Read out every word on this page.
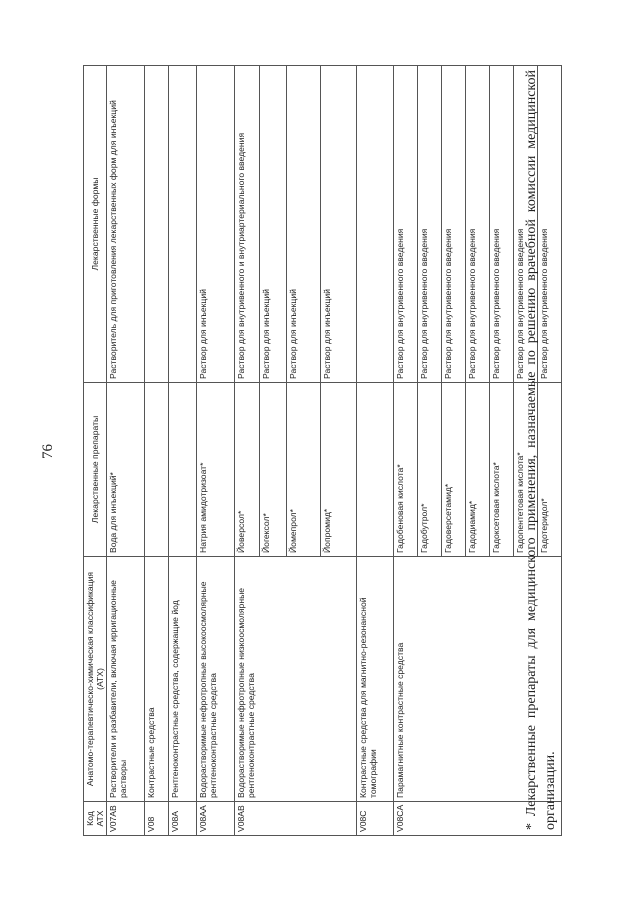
76
Код АТХ	Анатомо-терапевтическо-химическая классификация (АТХ)	Лекарственные препараты	Лекарственные формы
V07AB	Растворители и разбавители, включая ирригационные растворы	Вода для инъекций*	Растворитель для приготовления лекарственных форм для инъекций
V08	Контрастные средства		
V08A	Рентгеноконтрастные средства, содержащие йод		
V08AA	Водорастворимые нефротропные высокоосмолярные рентгеноконтрастные средства	Натрия амидотризоат*	Раствор для инъекций
V08AB	Водорастворимые нефротропные низкоосмолярные рентгеноконтрастные средства	Йоверсол*	Раствор для внутривенного и внутриартериального введения
		Йогексол*	Раствор для инъекций
		Йомепрол*	Раствор для инъекций
		Йопромид*	Раствор для инъекций
V08C	Контрастные средства для магнитно-резонансной томографии		
V08CA	Парамагнитные контрастные средства	Гадобеновая кислота*	Раствор для внутривенного введения
		Гадобутрол*	Раствор для внутривенного введения
		Гадоверсетамид*	Раствор для внутривенного введения
		Гадодиамид*	Раствор для внутривенного введения
		Гадоксетовая кислота*	Раствор для внутривенного введения
		Гадопентетовая кислота*	Раствор для внутривенного введения
		Гадотеридол*	Раствор для внутривенного введения
* Лекарственные препараты для медицинского применения, назначаемые по решению врачебной комиссии медицинской организации.
